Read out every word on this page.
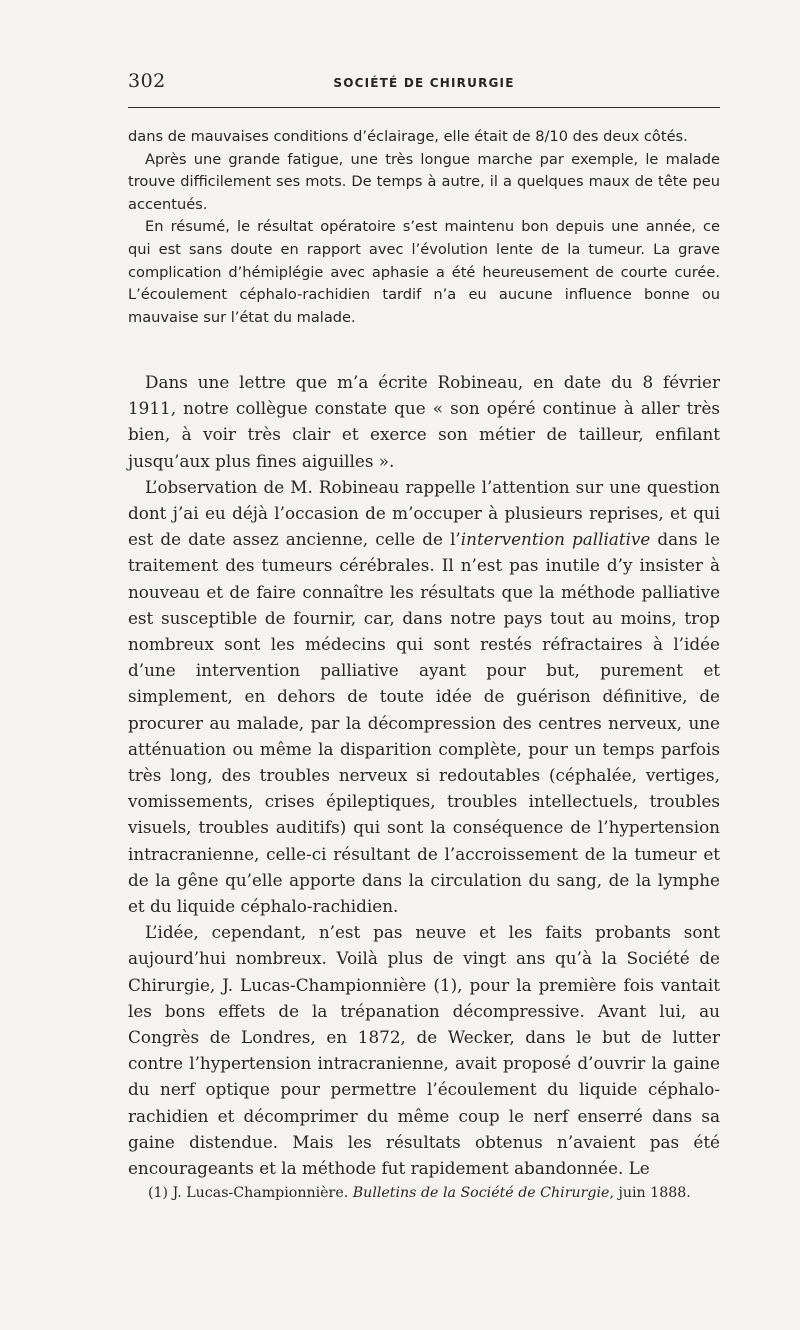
302	SOCIÉTÉ DE CHIRURGIE

dans de mauvaises conditions d’éclairage, elle était de 8/10 des deux côtés.

Après une grande fatigue, une très longue marche par exemple, le malade trouve difficilement ses mots. De temps à autre, il a quelques maux de tête peu accentués.

En résumé, le résultat opératoire s’est maintenu bon depuis une année, ce qui est sans doute en rapport avec l’évolution lente de la tumeur. La grave complication d’hémiplégie avec aphasie a été heureusement de courte curée. L’écoulement céphalo-rachidien tardif n’a eu aucune influence bonne ou mauvaise sur l’état du malade.

Dans une lettre que m’a écrite Robineau, en date du 8 février 1911, notre collègue constate que « son opéré continue à aller très bien, à voir très clair et exerce son métier de tailleur, enfilant jusqu’aux plus fines aiguilles ».

L’observation de M. Robineau rappelle l’attention sur une question dont j’ai eu déjà l’occasion de m’occuper à plusieurs reprises, et qui est de date assez ancienne, celle de l’intervention palliative dans le traitement des tumeurs cérébrales. Il n’est pas inutile d’y insister à nouveau et de faire connaître les résultats que la méthode palliative est susceptible de fournir, car, dans notre pays tout au moins, trop nombreux sont les médecins qui sont restés réfractaires à l’idée d’une intervention palliative ayant pour but, purement et simplement, en dehors de toute idée de guérison définitive, de procurer au malade, par la décompression des centres nerveux, une atténuation ou même la disparition complète, pour un temps parfois très long, des troubles nerveux si redoutables (céphalée, vertiges, vomissements, crises épileptiques, troubles intellectuels, troubles visuels, troubles auditifs) qui sont la conséquence de l’hypertension intracranienne, celle-ci résultant de l’accroissement de la tumeur et de la gêne qu’elle apporte dans la circulation du sang, de la lymphe et du liquide céphalo-rachidien.

L’idée, cependant, n’est pas neuve et les faits probants sont aujourd’hui nombreux. Voilà plus de vingt ans qu’à la Société de Chirurgie, J. Lucas-Championnière (1), pour la première fois vantait les bons effets de la trépanation décompressive. Avant lui, au Congrès de Londres, en 1872, de Wecker, dans le but de lutter contre l’hypertension intracranienne, avait proposé d’ouvrir la gaine du nerf optique pour permettre l’écoulement du liquide céphalo-rachidien et décomprimer du même coup le nerf enserré dans sa gaine distendue. Mais les résultats obtenus n’avaient pas été encourageants et la méthode fut rapidement abandonnée. Le

(1) J. Lucas-Championnière. Bulletins de la Société de Chirurgie, juin 1888.
